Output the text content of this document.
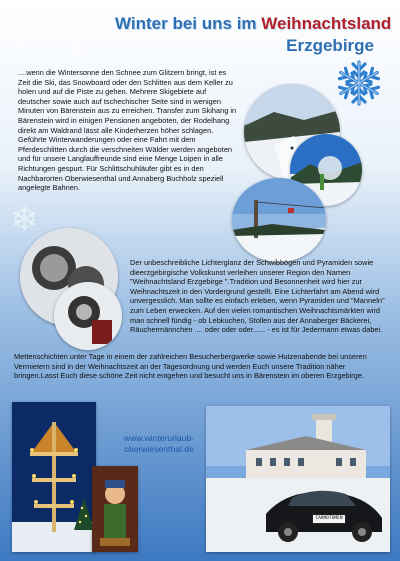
❄ ❄
❄
Winter bei uns im Weihnachtsland
Erzgebirge
....wenn die Wintersonne den Schnee zum Glitzern bringt, ist es Zeit die Ski, das Snowboard oder den Schlitten aus dem Keller zu holen und auf die Piste zu gehen. Mehrere Skigebiete auf deutscher sowie auch auf tschechischer Seite sind in wenigen Minuten von Bärenstein aus zu erreichen. Transfer zum Skihang in Bärenstein wird in einigen Pensionen angeboten, der Rodelhang direkt am Waldrand lässt alle Kinderherzen höher schlagen. Geführte Winterwanderungen oder eine Fahrt mit dem Pferdeschlitten durch die verschneiten Wälder werden angeboten und für unsere Langlauffreunde sind eine Menge Loipen in alle Richtungen gespurt. Für Schlittschuhläufer gibt es in den Nachbarorten Oberwiesenthal und Annaberg Buchholz speziell angelegte Bahnen.
Der unbeschreibliche Lichterglanz der Schwibbögen und Pyramiden sowie dieerzgebirgische Volkskunst verleihen unserer Region den Namen "Weihnachtsland Erzgebirge ".Tradition und Besonnenheit wird hier zur Weihnachtszeit in den Vordergrund gestellt. Eine Lichterfahrt am Abend wird unvergesslich. Man sollte es einfach erleben, wenn Pyramiden und "Manneln" zum Leben erwecken. Auf den vielen romantischen Weihnachtsmärkten wird man schnell fündig - ob Lebkuchen, Stollen aus der Annaberger Bäckerei, Räuchermännchen .... oder oder oder...... - es ist für Jedermann etwas dabei.
Mettenschichten unter Tage in einem der zahlreichen Besucherbergwerke sowie Hutzenabende bei unseren Vermietern sind in der Weihnachtszeit an der Tagesordnung und werden Euch unsere Tradition näher bringen.Lasst Euch diese schöne Zeit nicht entgehen und besucht uns in Bärenstein im oberen Erzgebirge.
www.winterurlaub-
oberwiesenthal.de
CARMOTOMEN
